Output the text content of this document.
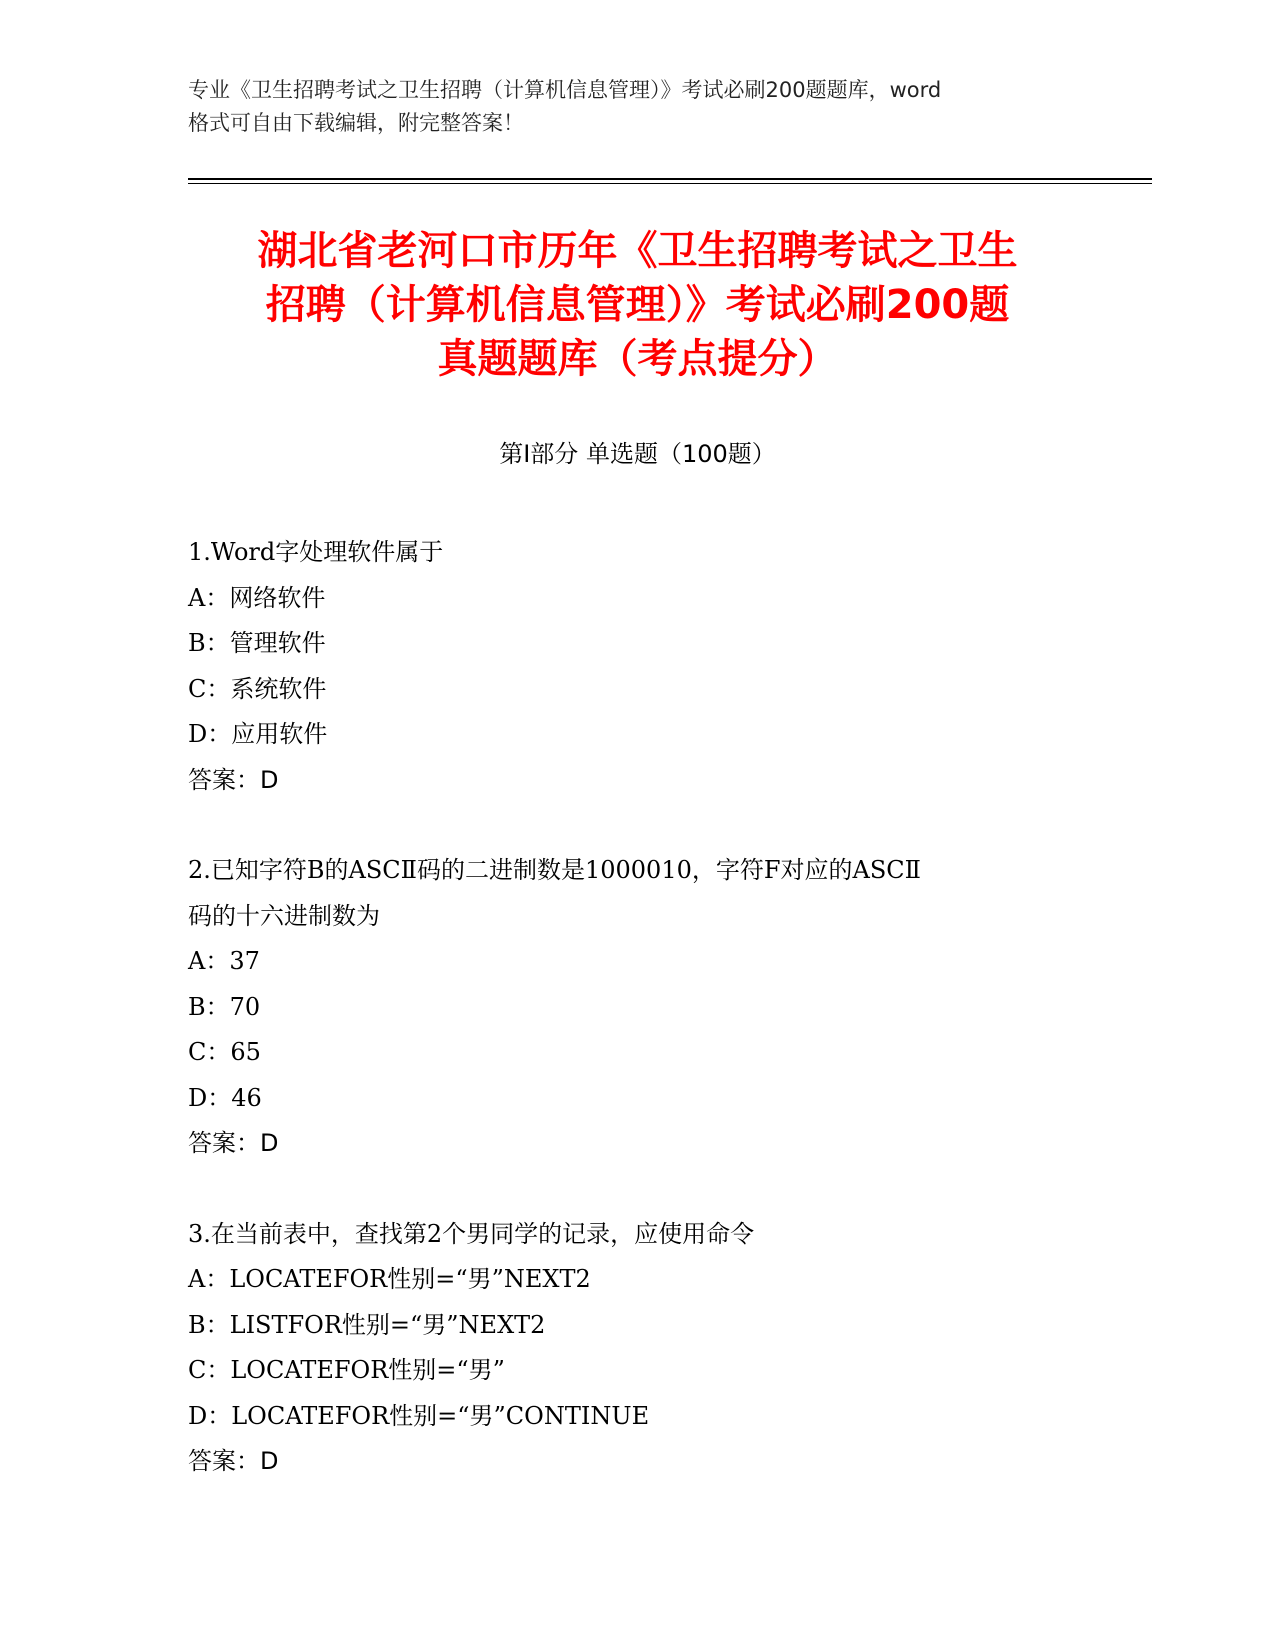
专业《卫生招聘考试之卫生招聘（计算机信息管理）》考试必刷200题题库，word
格式可自由下载编辑，附完整答案！
湖北省老河口市历年《卫生招聘考试之卫生
招聘（计算机信息管理）》考试必刷200题
真题题库（考点提分）
第I部分 单选题（100题）
1.Word字处理软件属于
A：网络软件
B：管理软件
C：系统软件
D：应用软件
答案：D
2.已知字符B的ASCⅡ码的二进制数是1000010，字符F对应的ASCⅡ
码的十六进制数为
A：37
B：70
C：65
D：46
答案：D
3.在当前表中，查找第2个男同学的记录，应使用命令
A：LOCATEFOR性别=“男”NEXT2
B：LISTFOR性别=“男”NEXT2
C：LOCATEFOR性别=“男”
D：LOCATEFOR性别=“男”CONTINUE
答案：D
